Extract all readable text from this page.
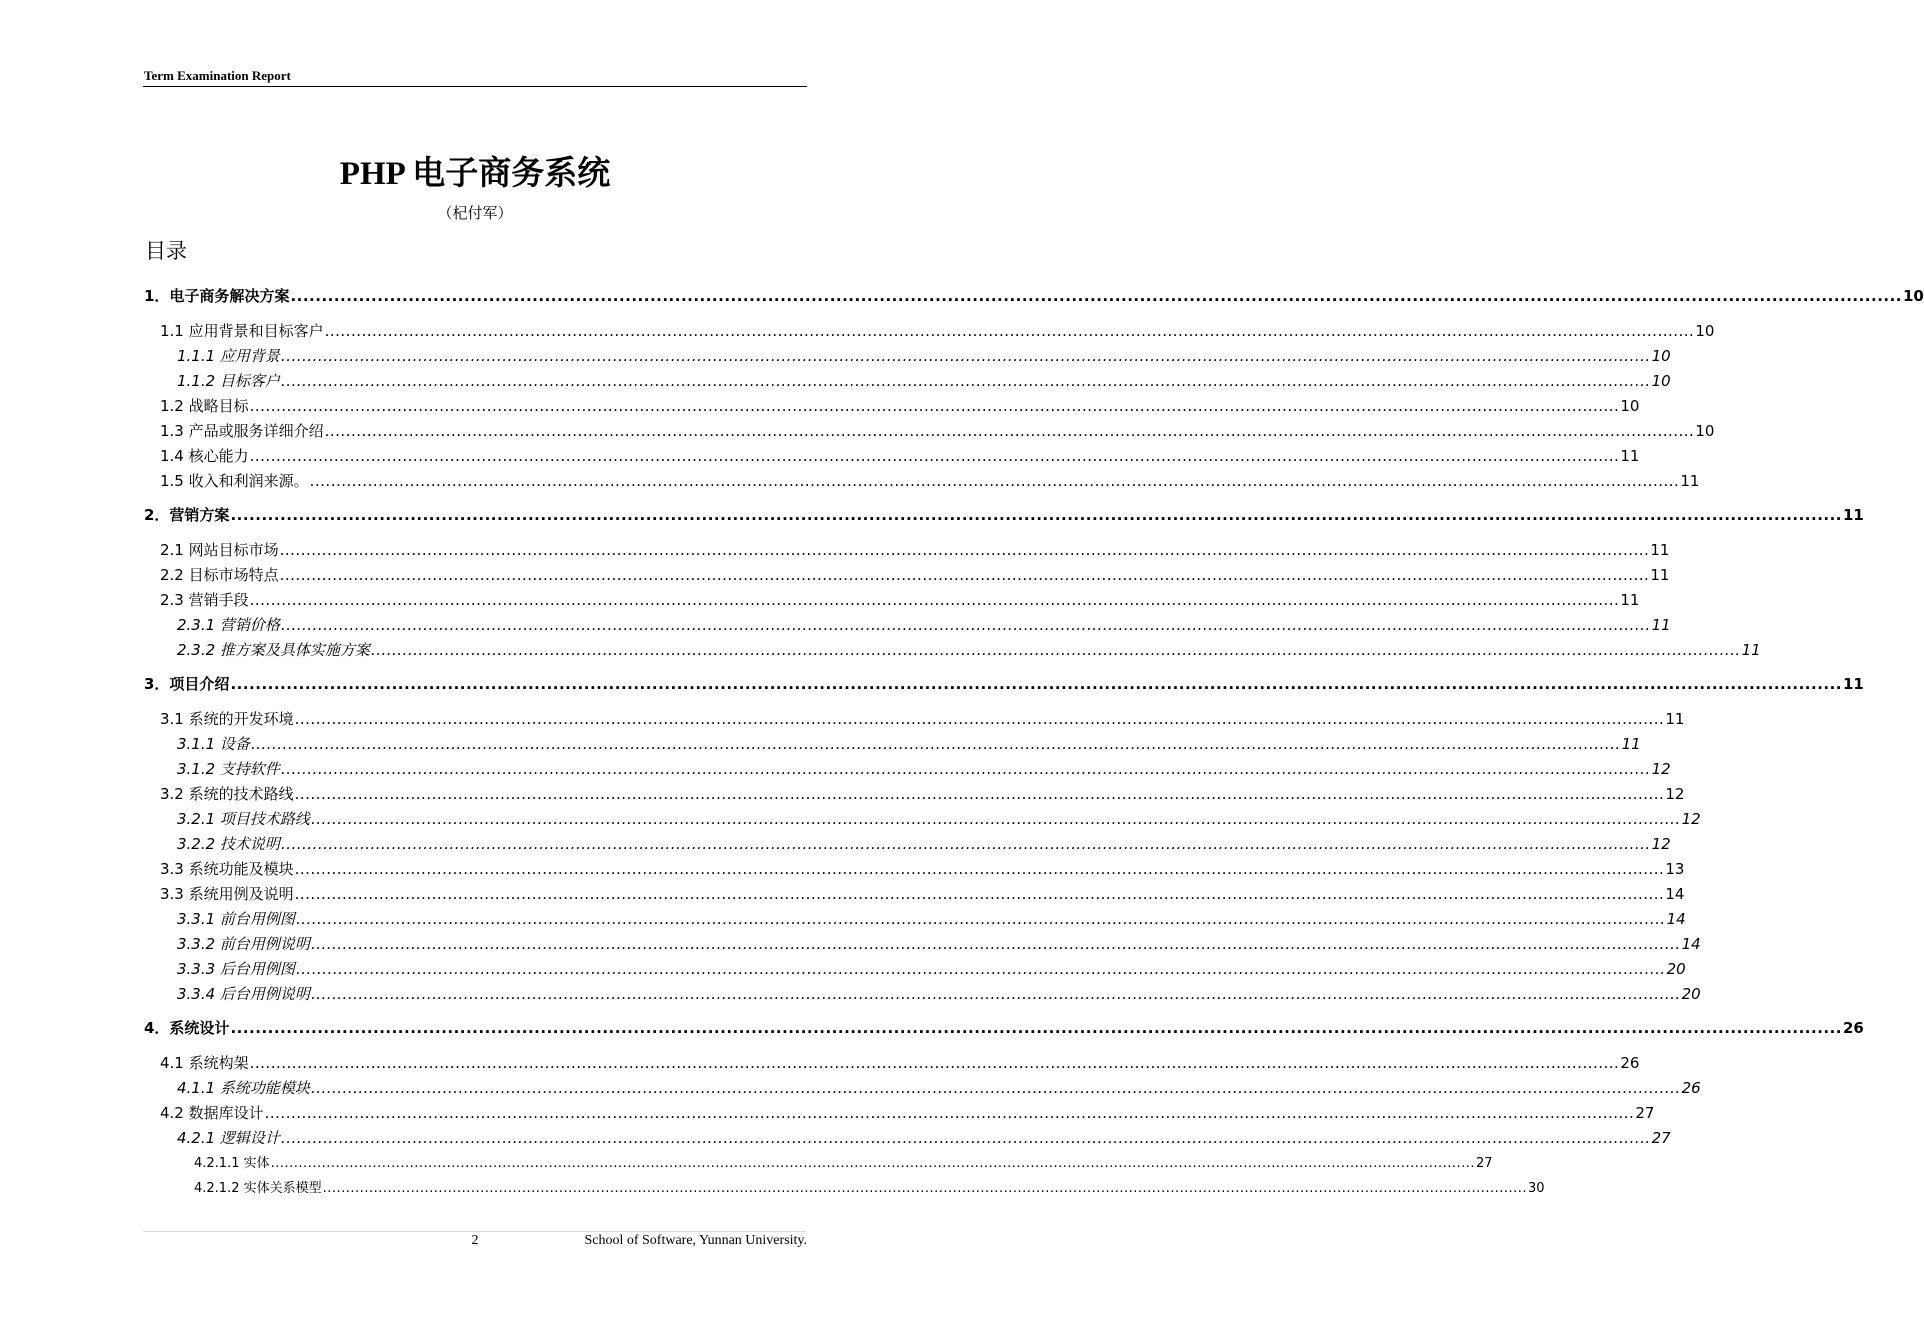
Term Examination Report
PHP 电子商务系统
（杞付军）
目录
1．电子商务解决方案 .................................................................................................................................................................................................................................................................... 10
1.1 应用背景和目标客户 .................................................................................................................................................................................................................................................................... 10
1.1.1 应用背景 .................................................................................................................................................................................................................................................................... 10
1.1.2 目标客户 .................................................................................................................................................................................................................................................................... 10
1.2 战略目标 .................................................................................................................................................................................................................................................................... 10
1.3 产品或服务详细介绍 .................................................................................................................................................................................................................................................................... 10
1.4 核心能力 .................................................................................................................................................................................................................................................................... 11
1.5 收入和利润来源。 .................................................................................................................................................................................................................................................................... 11
2．营销方案 .................................................................................................................................................................................................................................................................... 11
2.1 网站目标市场 .................................................................................................................................................................................................................................................................... 11
2.2 目标市场特点 .................................................................................................................................................................................................................................................................... 11
2.3 营销手段 .................................................................................................................................................................................................................................................................... 11
2.3.1 营销价格 .................................................................................................................................................................................................................................................................... 11
2.3.2 推方案及具体实施方案 .................................................................................................................................................................................................................................................................... 11
3．项目介绍 .................................................................................................................................................................................................................................................................... 11
3.1 系统的开发环境 .................................................................................................................................................................................................................................................................... 11
3.1.1 设备 .................................................................................................................................................................................................................................................................... 11
3.1.2 支持软件 .................................................................................................................................................................................................................................................................... 12
3.2 系统的技术路线 .................................................................................................................................................................................................................................................................... 12
3.2.1 项目技术路线 .................................................................................................................................................................................................................................................................... 12
3.2.2 技术说明 .................................................................................................................................................................................................................................................................... 12
3.3 系统功能及模块 .................................................................................................................................................................................................................................................................... 13
3.3 系统用例及说明 .................................................................................................................................................................................................................................................................... 14
3.3.1 前台用例图 .................................................................................................................................................................................................................................................................... 14
3.3.2 前台用例说明 .................................................................................................................................................................................................................................................................... 14
3.3.3 后台用例图 .................................................................................................................................................................................................................................................................... 20
3.3.4 后台用例说明 .................................................................................................................................................................................................................................................................... 20
4．系统设计 .................................................................................................................................................................................................................................................................... 26
4.1 系统构架 .................................................................................................................................................................................................................................................................... 26
4.1.1 系统功能模块 .................................................................................................................................................................................................................................................................... 26
4.2 数据库设计 .................................................................................................................................................................................................................................................................... 27
4.2.1 逻辑设计 .................................................................................................................................................................................................................................................................... 27
4.2.1.1 实体 .................................................................................................................................................................................................................................................................... 27
4.2.1.2 实体关系模型 .................................................................................................................................................................................................................................................................... 30
2	School of Software, Yunnan University.
